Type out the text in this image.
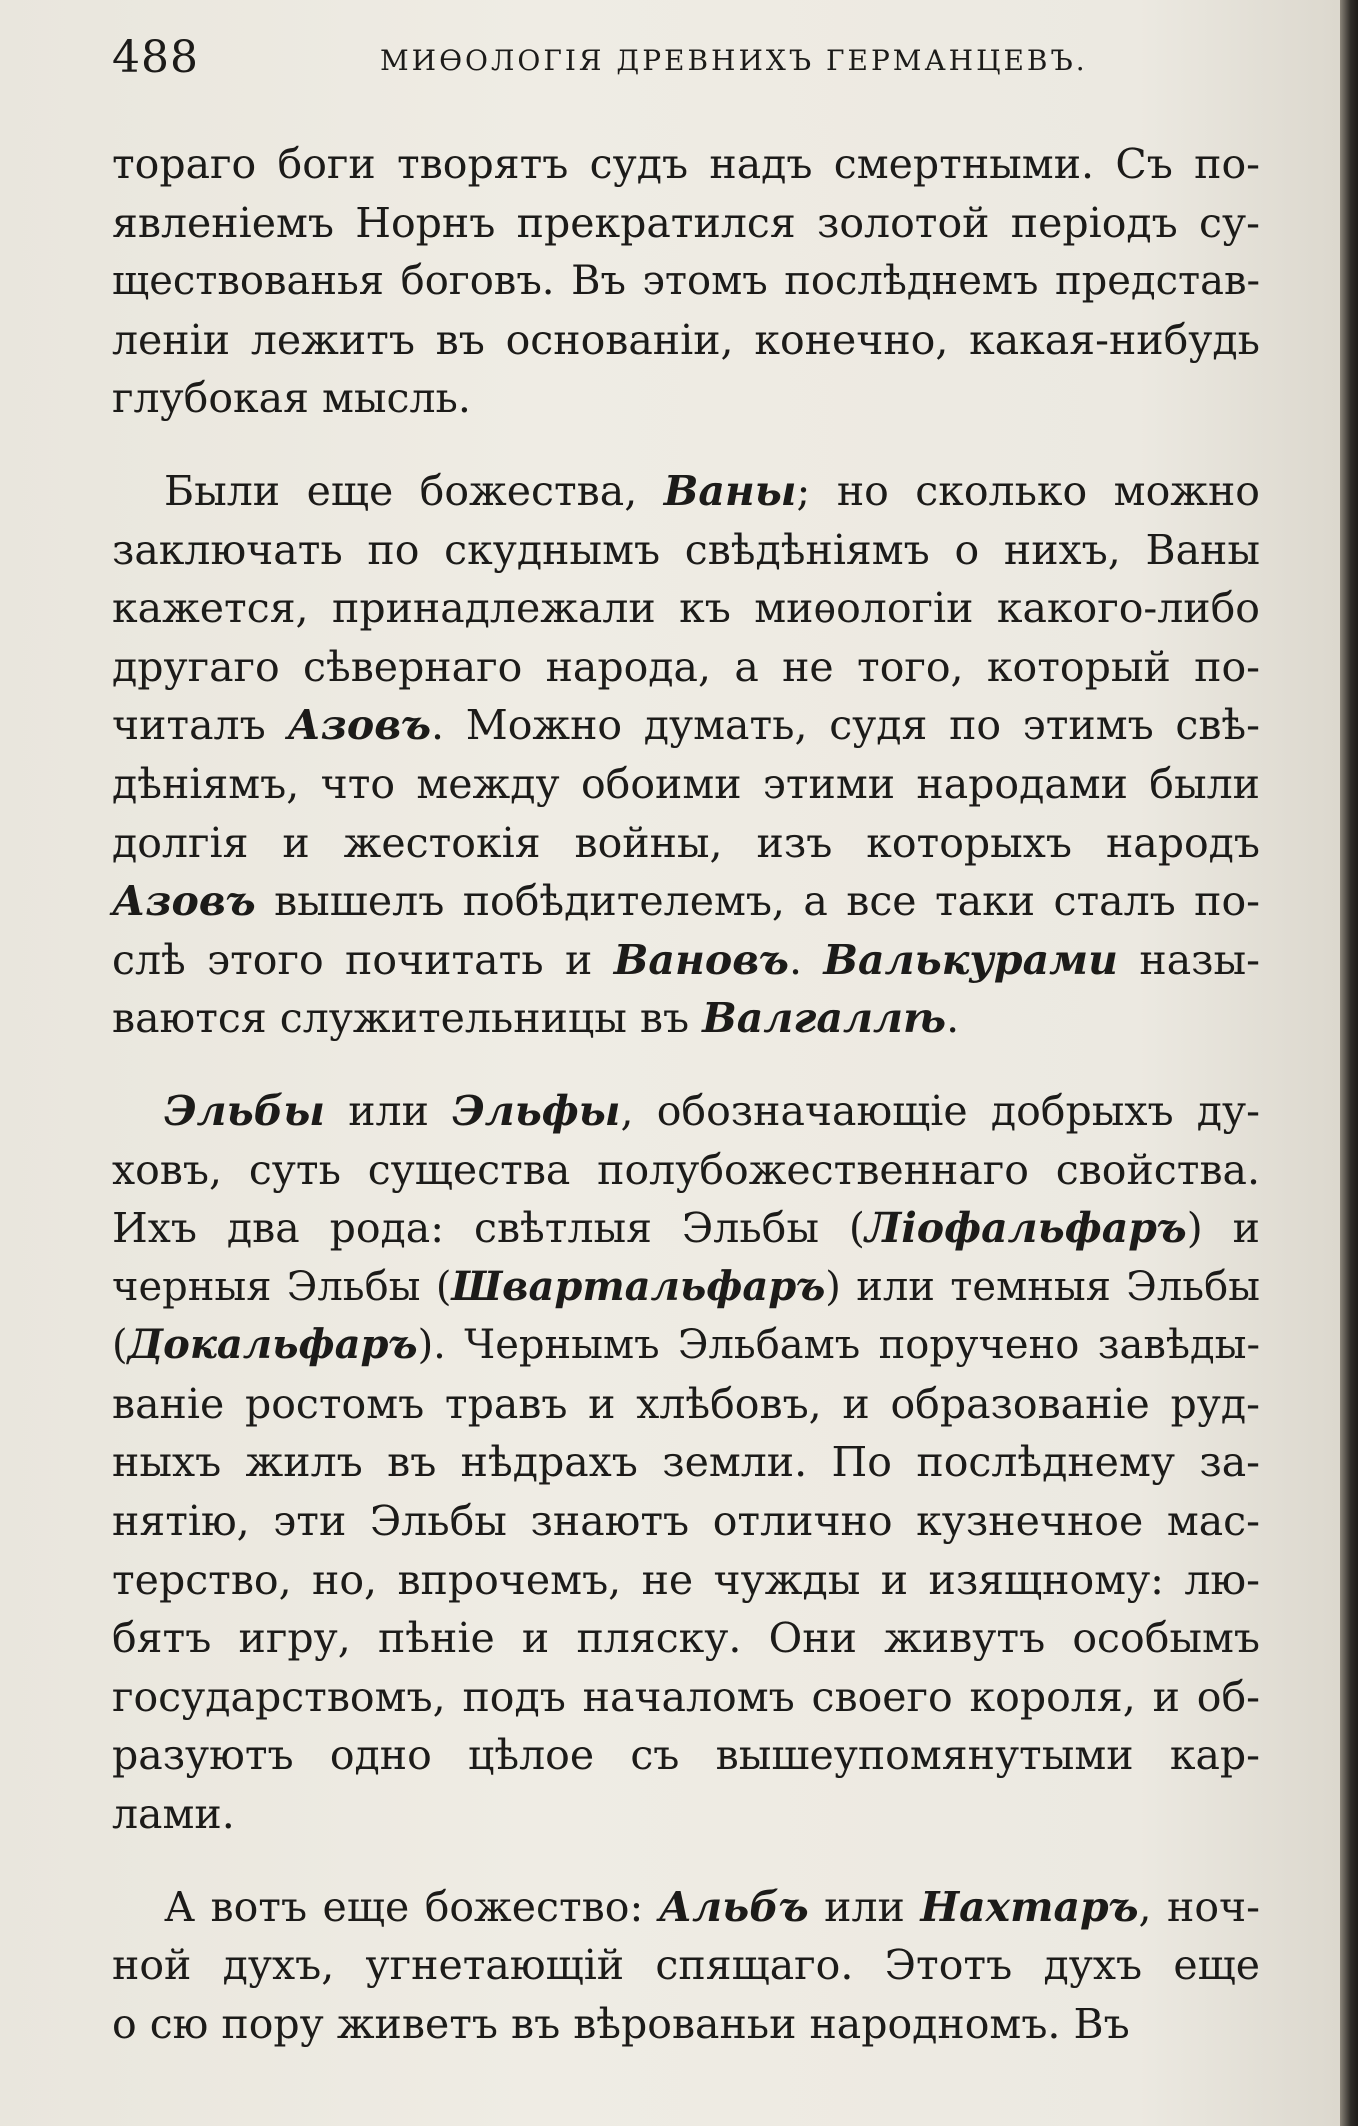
488	МИѲОЛОГІЯ ДРЕВНИХЪ ГЕРМАНЦЕВЪ.
тораго боги творятъ судъ надъ смертными. Съ по-
явленіемъ Норнъ прекратился золотой періодъ су-
ществованья боговъ. Въ этомъ послѣднемъ представ-
леніи лежитъ въ основаніи, конечно, какая-нибудь
глубокая мысль.
Были еще божества, Ваны; но сколько можно
заключать по скуднымъ свѣдѣніямъ о нихъ, Ваны
кажется, принадлежали къ миѳологіи какого-либо
другаго сѣвернаго народа, а не того, который по-
читалъ Азовъ. Можно думать, судя по этимъ свѣ-
дѣніямъ, что между обоими этими народами были
долгія и жестокія войны, изъ которыхъ народъ
Азовъ вышелъ побѣдителемъ, а все таки сталъ по-
слѣ этого почитать и Вановъ. Валькурами назы-
ваются служительницы въ Валгаллѣ.
Эльбы или Эльфы, обозначающіе добрыхъ ду-
ховъ, суть существа полубожественнаго свойства.
Ихъ два рода: свѣтлыя Эльбы (Ліофальфаръ) и
черныя Эльбы (Швартальфаръ) или темныя Эльбы
(Докальфаръ). Чернымъ Эльбамъ поручено завѣды-
ваніе ростомъ травъ и хлѣбовъ, и образованіе руд-
ныхъ жилъ въ нѣдрахъ земли. По послѣднему за-
нятію, эти Эльбы знаютъ отлично кузнечное мас-
терство, но, впрочемъ, не чужды и изящному: лю-
бятъ игру, пѣніе и пляску. Они живутъ особымъ
государствомъ, подъ началомъ своего короля, и об-
разуютъ одно цѣлое съ вышеупомянутыми кар-
лами.
А вотъ еще божество: Альбъ или Нахтаръ, ноч-
ной духъ, угнетающій спящаго. Этотъ духъ еще
о сю пору живетъ въ вѣрованьи народномъ. Въ
